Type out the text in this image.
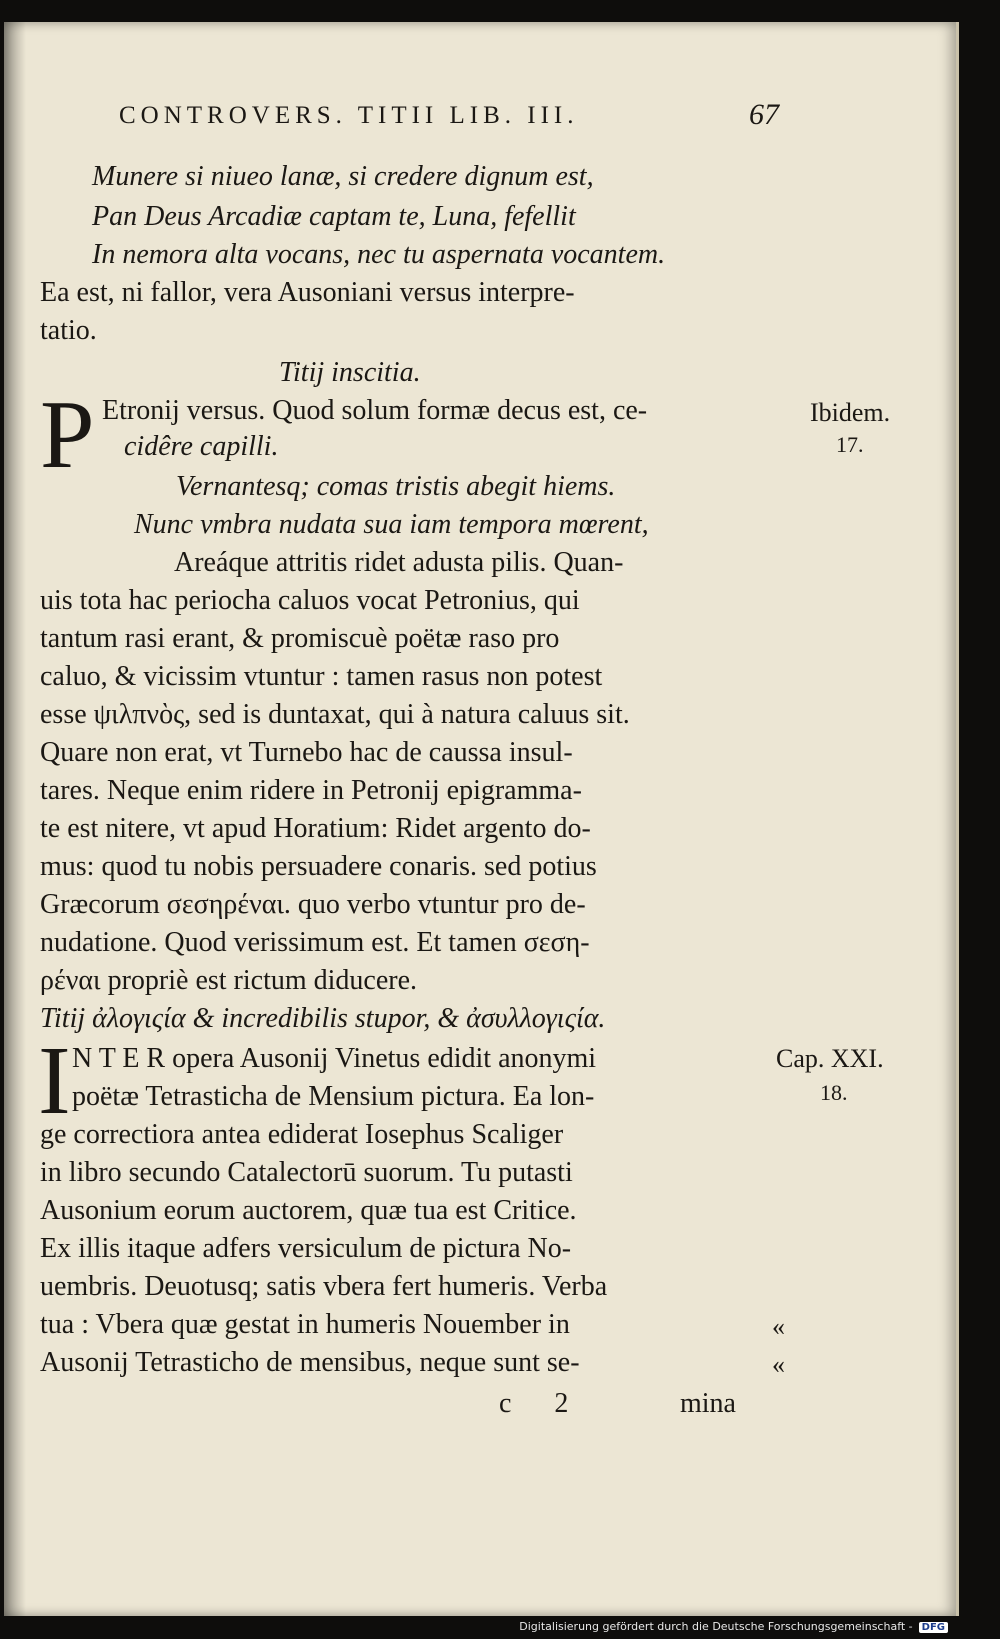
CONTROVERS. TITII LIB. III.	67
Munere si niueo lanæ, si credere dignum est,
Pan Deus Arcadiæ captam te, Luna, fefellit
In nemora alta vocans, nec tu aspernata vocantem.
Ea est, ni fallor, vera Ausoniani versus interpre-
tatio.
Titij inscitia.
P Etronij versus. Quod solum formæ decus est, ce-
cidêre capilli.
Vernantesq; comas tristis abegit hiems.
Nunc vmbra nudata sua iam tempora mœrent,
Areáque attritis ridet adusta pilis. Quan-
uis tota hac periocha caluos vocat Petronius, qui
tantum rasi erant, & promiscuè poëtæ raso pro
caluo, & vicissim vtuntur : tamen rasus non potest
esse ψιλπνὸς, sed is duntaxat, qui à natura caluus sit.
Quare non erat, vt Turnebo hac de caussa insul-
tares. Neque enim ridere in Petronij epigramma-
te est nitere, vt apud Horatium: Ridet argento do-
mus: quod tu nobis persuadere conaris. sed potius
Græcorum σεσηρέναι. quo verbo vtuntur pro de-
nudatione. Quod verissimum est. Et tamen σεση-
ρέναι propriè est rictum diducere.
Titij ἀλογιςία & incredibilis stupor, & ἀσυλλογιςία.
I N T E R opera Ausonij Vinetus edidit anonymi
poëtæ Tetrasticha de Mensium pictura. Ea lon-
ge correctiora antea ediderat Iosephus Scaliger
in libro secundo Catalectorū suorum. Tu putasti
Ausonium eorum auctorem, quæ tua est Critice.
Ex illis itaque adfers versiculum de pictura No-
uembris. Deuotusq; satis vbera fert humeris. Verba
tua : Vbera quæ gestat in humeris Nouember in
Ausonij Tetrasticho de mensibus, neque sunt se-
Ibidem.
17.
Cap. XXI.
18.
«
«
c 2	mina
Digitalisierung gefördert durch die Deutsche Forschungsgemeinschaft - DFG
